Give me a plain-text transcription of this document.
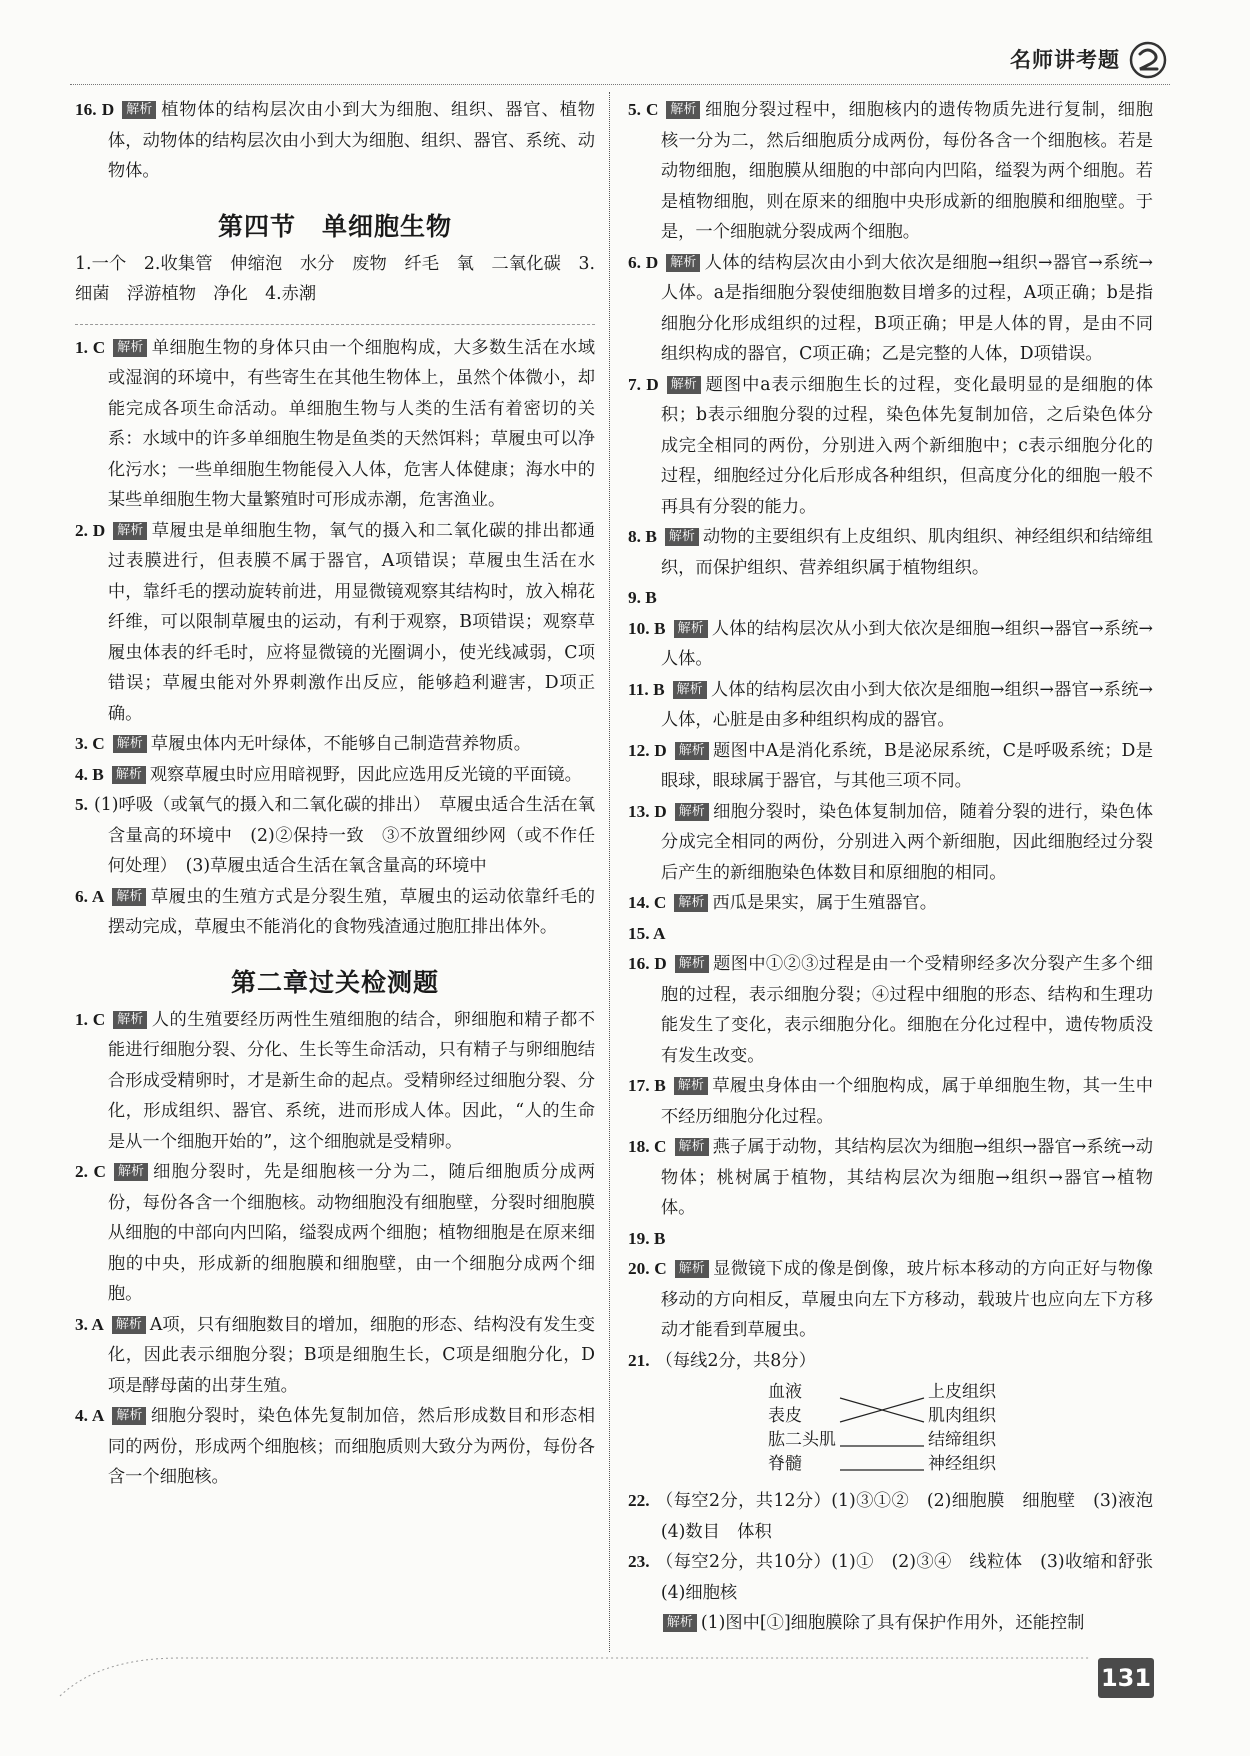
名师讲考题

16. D 解析 植物体的结构层次由小到大为细胞、组织、器官、植物体，动物体的结构层次由小到大为细胞、组织、器官、系统、动物体。

第四节　单细胞生物

1.一个　2.收集管　伸缩泡　水分　废物　纤毛　氧　二氧化碳　3.细菌　浮游植物　净化　4.赤潮

1. C 解析 单细胞生物的身体只由一个细胞构成，大多数生活在水域或湿润的环境中，有些寄生在其他生物体上，虽然个体微小，却能完成各项生命活动。单细胞生物与人类的生活有着密切的关系：水域中的许多单细胞生物是鱼类的天然饵料；草履虫可以净化污水；一些单细胞生物能侵入人体，危害人体健康；海水中的某些单细胞生物大量繁殖时可形成赤潮，危害渔业。

2. D 解析 草履虫是单细胞生物，氧气的摄入和二氧化碳的排出都通过表膜进行，但表膜不属于器官，A项错误；草履虫生活在水中，靠纤毛的摆动旋转前进，用显微镜观察其结构时，放入棉花纤维，可以限制草履虫的运动，有利于观察，B项错误；观察草履虫体表的纤毛时，应将显微镜的光圈调小，使光线减弱，C项错误；草履虫能对外界刺激作出反应，能够趋利避害，D项正确。

3. C 解析 草履虫体内无叶绿体，不能够自己制造营养物质。

4. B 解析 观察草履虫时应用暗视野，因此应选用反光镜的平面镜。

5. (1)呼吸（或氧气的摄入和二氧化碳的排出）　草履虫适合生活在氧含量高的环境中　(2)②保持一致　③不放置细纱网（或不作任何处理）　(3)草履虫适合生活在氧含量高的环境中

6. A 解析 草履虫的生殖方式是分裂生殖，草履虫的运动依靠纤毛的摆动完成，草履虫不能消化的食物残渣通过胞肛排出体外。

第二章过关检测题

1. C 解析 人的生殖要经历两性生殖细胞的结合，卵细胞和精子都不能进行细胞分裂、分化、生长等生命活动，只有精子与卵细胞结合形成受精卵时，才是新生命的起点。受精卵经过细胞分裂、分化，形成组织、器官、系统，进而形成人体。因此，“人的生命是从一个细胞开始的”，这个细胞就是受精卵。

2. C 解析 细胞分裂时，先是细胞核一分为二，随后细胞质分成两份，每份各含一个细胞核。动物细胞没有细胞壁，分裂时细胞膜从细胞的中部向内凹陷，缢裂成两个细胞；植物细胞是在原来细胞的中央，形成新的细胞膜和细胞壁，由一个细胞分成两个细胞。

3. A 解析 A项，只有细胞数目的增加，细胞的形态、结构没有发生变化，因此表示细胞分裂；B项是细胞生长，C项是细胞分化，D项是酵母菌的出芽生殖。

4. A 解析 细胞分裂时，染色体先复制加倍，然后形成数目和形态相同的两份，形成两个细胞核；而细胞质则大致分为两份，每份各含一个细胞核。

5. C 解析 细胞分裂过程中，细胞核内的遗传物质先进行复制，细胞核一分为二，然后细胞质分成两份，每份各含一个细胞核。若是动物细胞，细胞膜从细胞的中部向内凹陷，缢裂为两个细胞。若是植物细胞，则在原来的细胞中央形成新的细胞膜和细胞壁。于是，一个细胞就分裂成两个细胞。

6. D 解析 人体的结构层次由小到大依次是细胞→组织→器官→系统→人体。a是指细胞分裂使细胞数目增多的过程，A项正确；b是指细胞分化形成组织的过程，B项正确；甲是人体的胃，是由不同组织构成的器官，C项正确；乙是完整的人体，D项错误。

7. D 解析 题图中a表示细胞生长的过程，变化最明显的是细胞的体积；b表示细胞分裂的过程，染色体先复制加倍，之后染色体分成完全相同的两份，分别进入两个新细胞中；c表示细胞分化的过程，细胞经过分化后形成各种组织，但高度分化的细胞一般不再具有分裂的能力。

8. B 解析 动物的主要组织有上皮组织、肌肉组织、神经组织和结缔组织，而保护组织、营养组织属于植物组织。

9. B

10. B 解析 人体的结构层次从小到大依次是细胞→组织→器官→系统→人体。

11. B 解析 人体的结构层次由小到大依次是细胞→组织→器官→系统→人体，心脏是由多种组织构成的器官。

12. D 解析 题图中A是消化系统，B是泌尿系统，C是呼吸系统；D是眼球，眼球属于器官，与其他三项不同。

13. D 解析 细胞分裂时，染色体复制加倍，随着分裂的进行，染色体分成完全相同的两份，分别进入两个新细胞，因此细胞经过分裂后产生的新细胞染色体数目和原细胞的相同。

14. C 解析 西瓜是果实，属于生殖器官。

15. A

16. D 解析 题图中①②③过程是由一个受精卵经多次分裂产生多个细胞的过程，表示细胞分裂；④过程中细胞的形态、结构和生理功能发生了变化，表示细胞分化。细胞在分化过程中，遗传物质没有发生改变。

17. B 解析 草履虫身体由一个细胞构成，属于单细胞生物，其一生中不经历细胞分化过程。

18. C 解析 燕子属于动物，其结构层次为细胞→组织→器官→系统→动物体；桃树属于植物，其结构层次为细胞→组织→器官→植物体。

19. B

20. C 解析 显微镜下成的像是倒像，玻片标本移动的方向正好与物像移动的方向相反，草履虫向左下方移动，载玻片也应向左下方移动才能看到草履虫。

21. （每线2分，共8分）

血液
表皮
肱二头肌
脊髓
上皮组织
肌肉组织
结缔组织
神经组织

22. （每空2分，共12分）(1)③①②　(2)细胞膜　细胞壁　(3)液泡　(4)数目　体积

23. （每空2分，共10分）(1)①　(2)③④　线粒体　(3)收缩和舒张　(4)细胞核

解析 (1)图中[①]细胞膜除了具有保护作用外，还能控制

131
